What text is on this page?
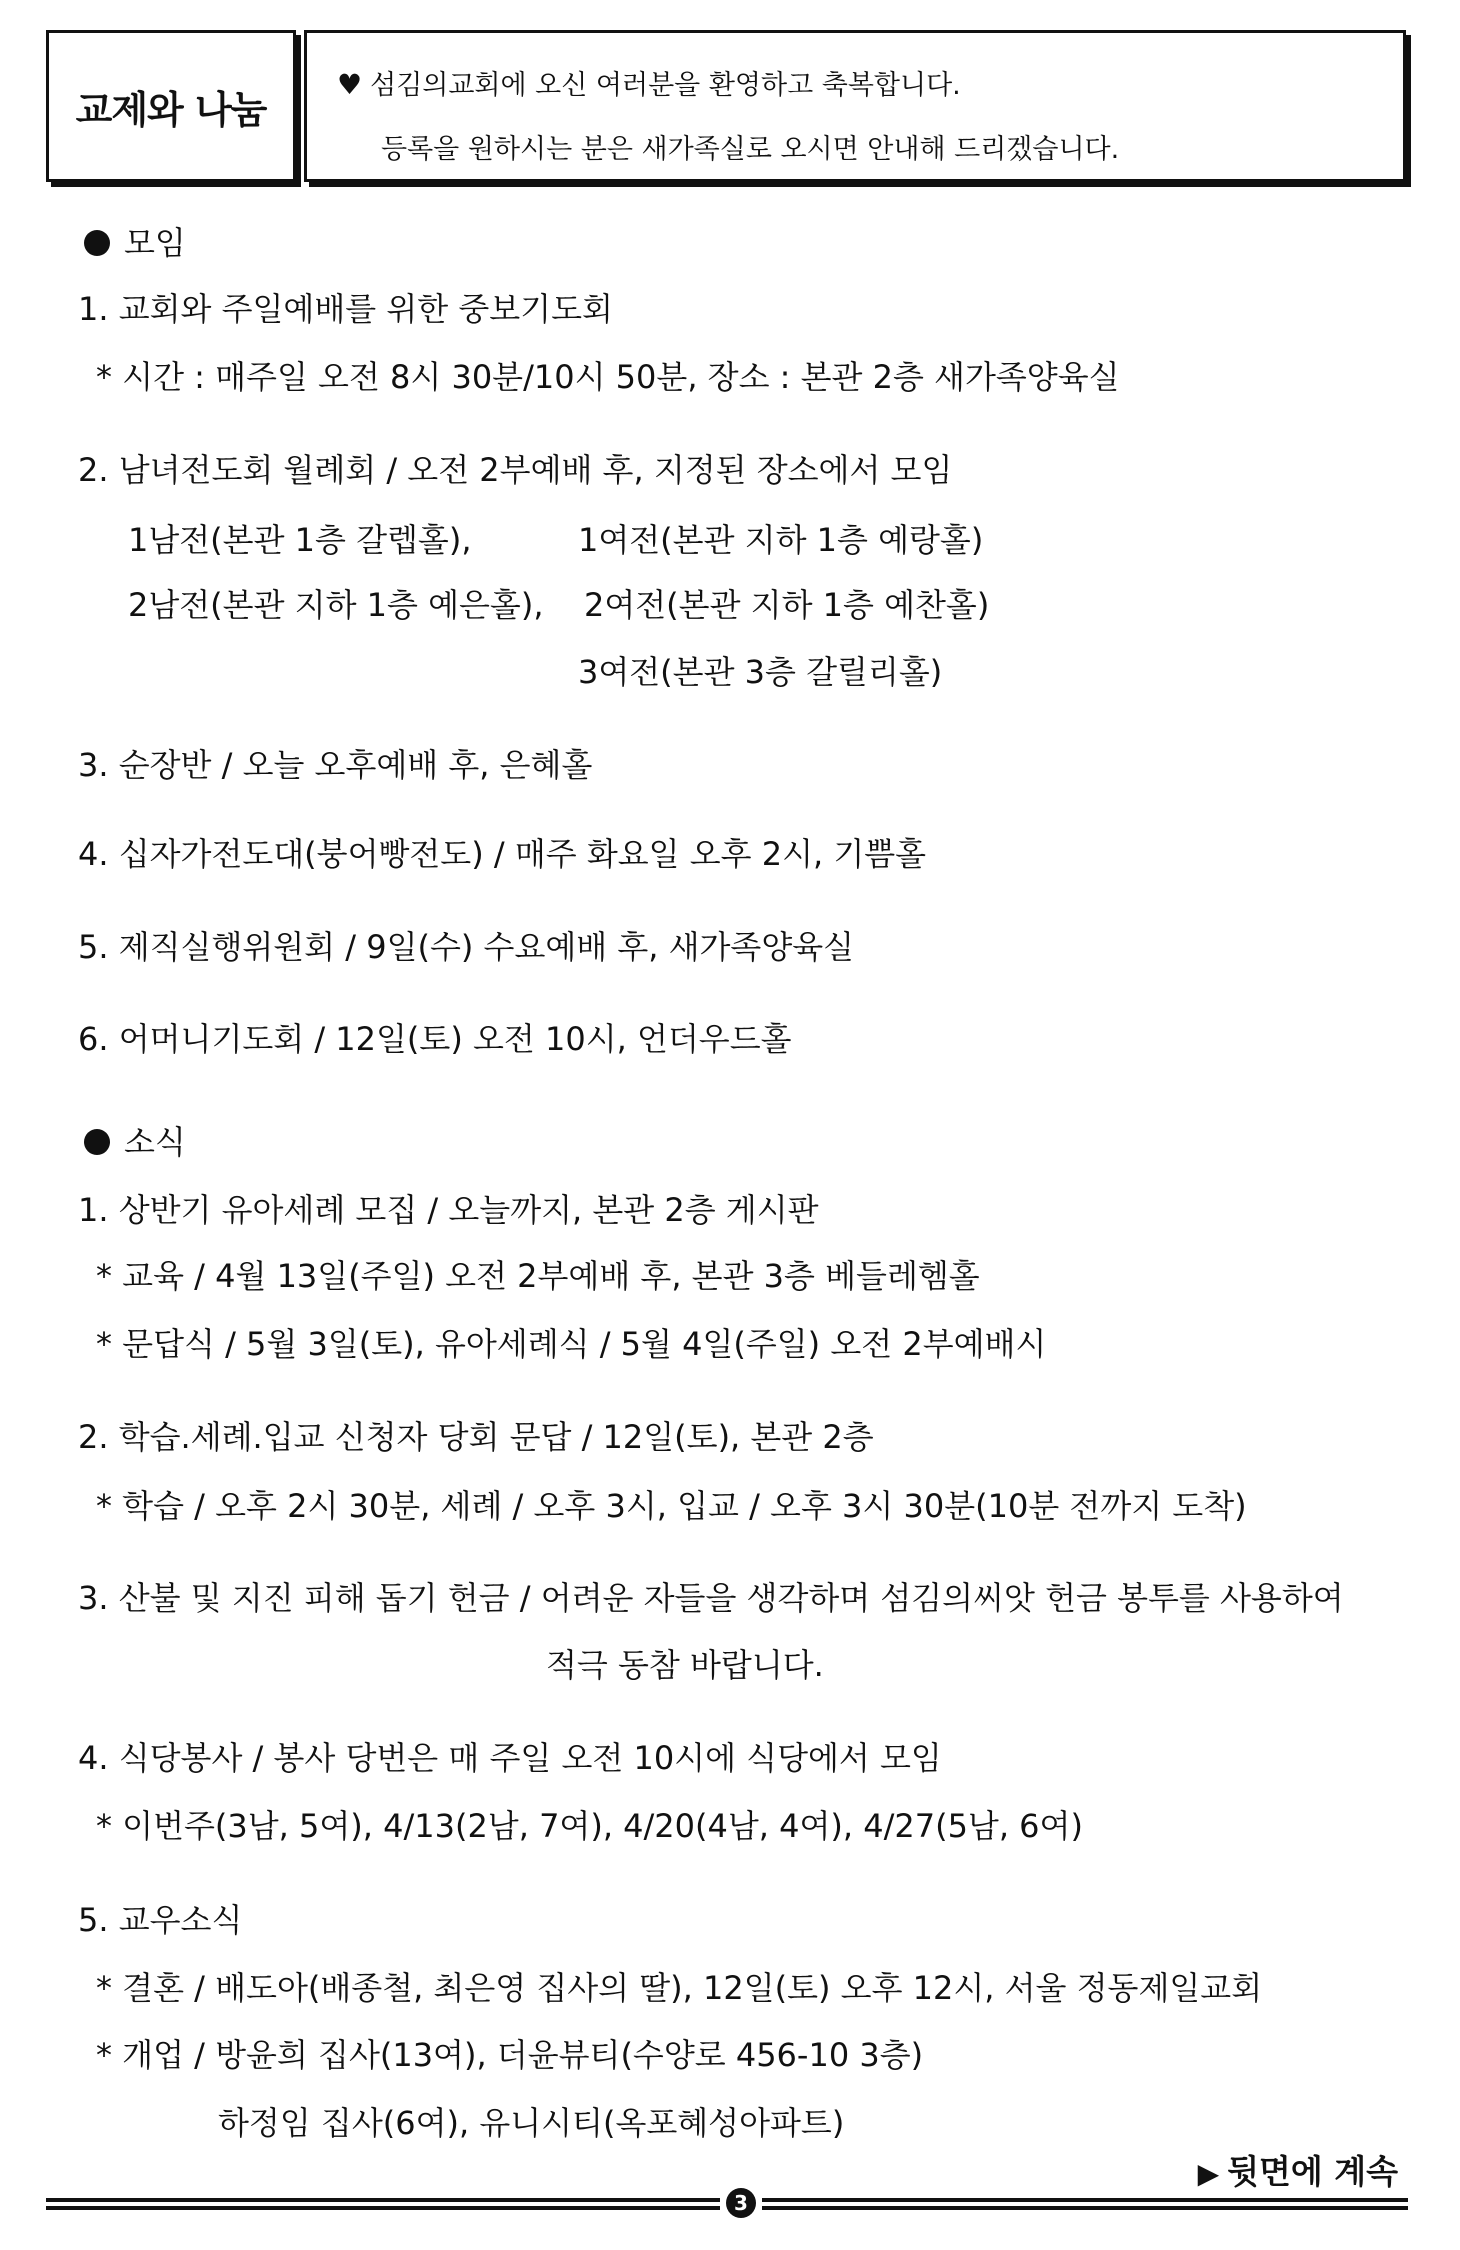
교제와 나눔
♥ 섬김의교회에 오신 여러분을 환영하고 축복합니다.
등록을 원하시는 분은 새가족실로 오시면 안내해 드리겠습니다.
모임
1. 교회와 주일예배를 위한 중보기도회
* 시간 : 매주일 오전 8시 30분/10시 50분, 장소 : 본관 2층 새가족양육실
2. 남녀전도회 월례회 / 오전 2부예배 후, 지정된 장소에서 모임
1남전(본관 1층 갈렙홀),	1여전(본관 지하 1층 예랑홀)
2남전(본관 지하 1층 예은홀), 2여전(본관 지하 1층 예찬홀)
3여전(본관 3층 갈릴리홀)
3. 순장반 / 오늘 오후예배 후, 은혜홀
4. 십자가전도대(붕어빵전도) / 매주 화요일 오후 2시, 기쁨홀
5. 제직실행위원회 / 9일(수) 수요예배 후, 새가족양육실
6. 어머니기도회 / 12일(토) 오전 10시, 언더우드홀
소식
1. 상반기 유아세례 모집 / 오늘까지, 본관 2층 게시판
* 교육 / 4월 13일(주일) 오전 2부예배 후, 본관 3층 베들레헴홀
* 문답식 / 5월 3일(토), 유아세례식 / 5월 4일(주일) 오전 2부예배시
2. 학습.세례.입교 신청자 당회 문답 / 12일(토), 본관 2층
* 학습 / 오후 2시 30분, 세례 / 오후 3시, 입교 / 오후 3시 30분(10분 전까지 도착)
3. 산불 및 지진 피해 돕기 헌금 / 어려운 자들을 생각하며 섬김의씨앗 헌금 봉투를 사용하여
적극 동참 바랍니다.
4. 식당봉사 / 봉사 당번은 매 주일 오전 10시에 식당에서 모임
* 이번주(3남, 5여), 4/13(2남, 7여), 4/20(4남, 4여), 4/27(5남, 6여)
5. 교우소식
* 결혼 / 배도아(배종철, 최은영 집사의 딸), 12일(토) 오후 12시, 서울 정동제일교회
* 개업 / 방윤희 집사(13여), 더윤뷰티(수양로 456-10 3층)
하정임 집사(6여), 유니시티(옥포혜성아파트)
▶ 뒷면에 계속
3
